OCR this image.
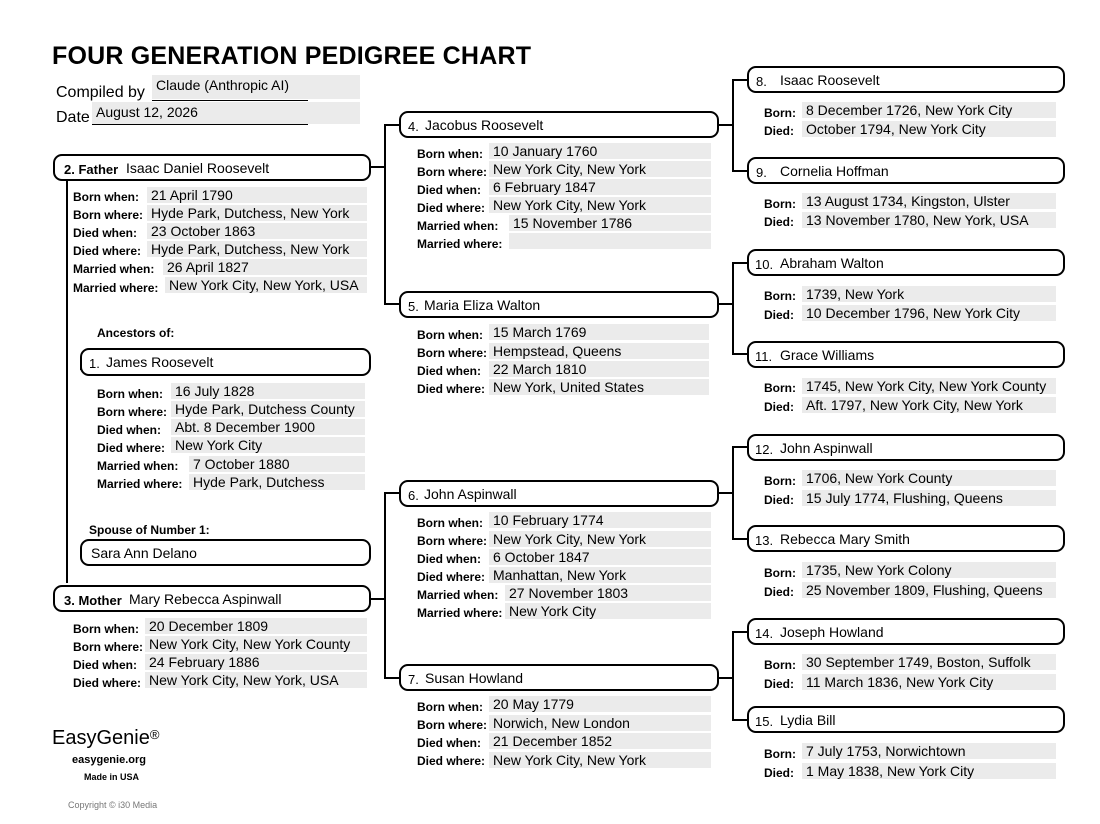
FOUR GENERATION PEDIGREE CHART
Compiled by Claude (Anthropic AI)
Date August 12, 2026
2. Father Isaac Daniel Roosevelt
Born when: 21 April 1790
Born where: Hyde Park, Dutchess, New York
Died when: 23 October 1863
Died where: Hyde Park, Dutchess, New York
Married when: 26 April 1827
Married where: New York City, New York, USA
Ancestors of:
1. James Roosevelt
Born when: 16 July 1828
Born where: Hyde Park, Dutchess County
Died when: Abt. 8 December 1900
Died where: New York City
Married when: 7 October 1880
Married where: Hyde Park, Dutchess
Spouse of Number 1:
Sara Ann Delano
3. Mother Mary Rebecca Aspinwall
Born when: 20 December 1809
Born where: New York City, New York County
Died when: 24 February 1886
Died where: New York City, New York, USA
4. Jacobus Roosevelt
Born when: 10 January 1760
Born where: New York City, New York
Died when: 6 February 1847
Died where: New York City, New York
Married when: 15 November 1786
Married where:
5. Maria Eliza Walton
Born when: 15 March 1769
Born where: Hempstead, Queens
Died when: 22 March 1810
Died where: New York, United States
6. John Aspinwall
Born when: 10 February 1774
Born where: New York City, New York
Died when: 6 October 1847
Died where: Manhattan, New York
Married when: 27 November 1803
Married where: New York City
7. Susan Howland
Born when: 20 May 1779
Born where: Norwich, New London
Died when: 21 December 1852
Died where: New York City, New York
8. Isaac Roosevelt
Born: 8 December 1726, New York City
Died: October 1794, New York City
9. Cornelia Hoffman
Born: 13 August 1734, Kingston, Ulster
Died: 13 November 1780, New York, USA
10. Abraham Walton
Born: 1739, New York
Died: 10 December 1796, New York City
11. Grace Williams
Born: 1745, New York City, New York County
Died: Aft. 1797, New York City, New York
12. John Aspinwall
Born: 1706, New York County
Died: 15 July 1774, Flushing, Queens
13. Rebecca Mary Smith
Born: 1735, New York Colony
Died: 25 November 1809, Flushing, Queens
14. Joseph Howland
Born: 30 September 1749, Boston, Suffolk
Died: 11 March 1836, New York City
15. Lydia Bill
Born: 7 July 1753, Norwichtown
Died: 1 May 1838, New York City
EasyGenie®
easygenie.org
Made in USA
Copyright © i30 Media
